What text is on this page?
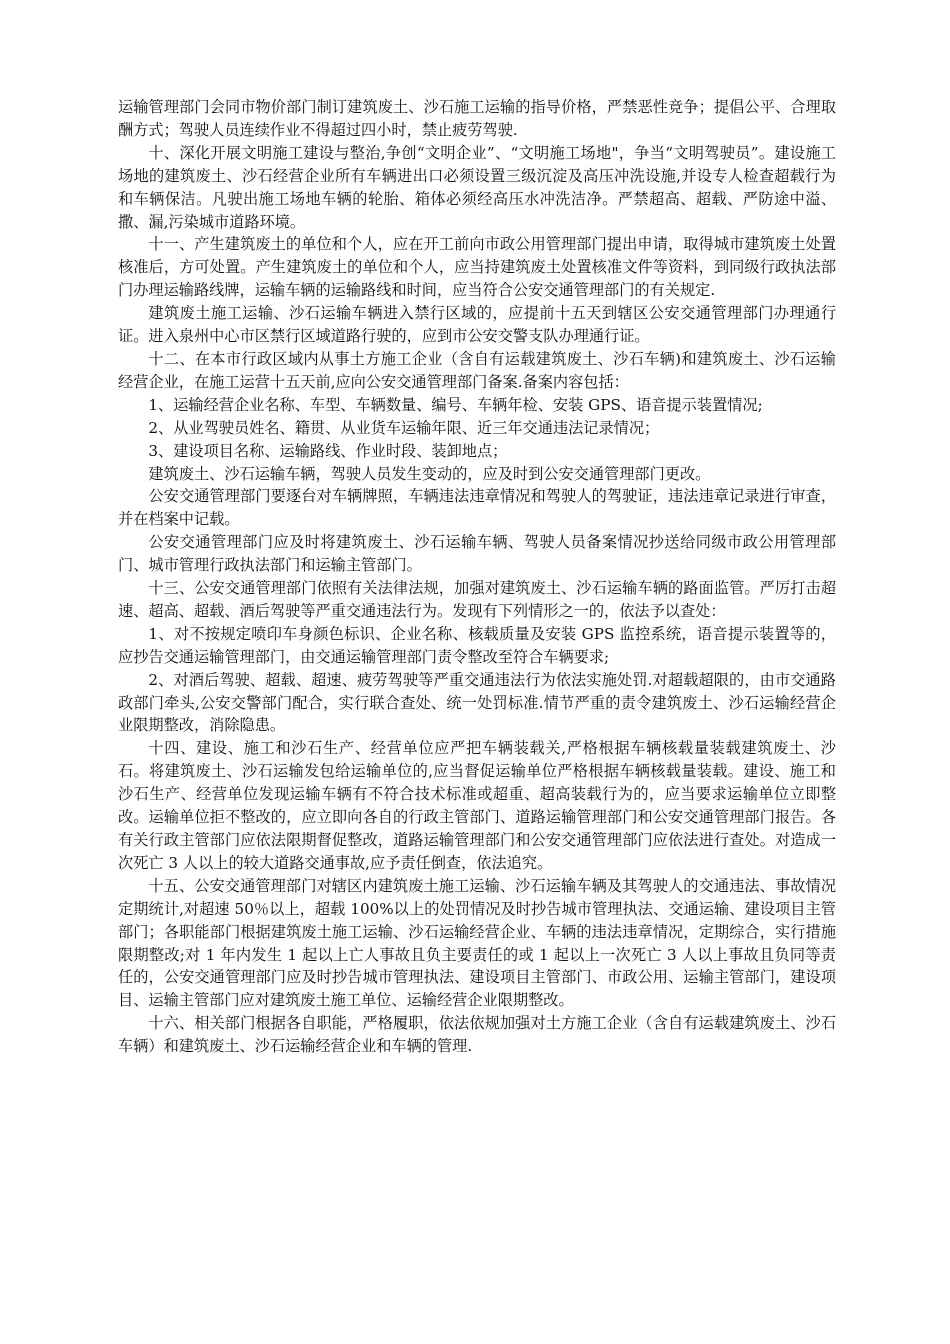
运输管理部门会同市物价部门制订建筑废土、沙石施工运输的指导价格，严禁恶性竞争；提倡公平、合理取酬方式；驾驶人员连续作业不得超过四小时，禁止疲劳驾驶.

十、深化开展文明施工建设与整治,争创“文明企业”、“文明施工场地"，争当“文明驾驶员”。建设施工场地的建筑废土、沙石经营企业所有车辆进出口必须设置三级沉淀及高压冲洗设施,并设专人检查超载行为和车辆保洁。凡驶出施工场地车辆的轮胎、箱体必须经高压水冲洗洁净。严禁超高、超载、严防途中溢、撒、漏,污染城市道路环境。

十一、产生建筑废土的单位和个人，应在开工前向市政公用管理部门提出申请，取得城市建筑废土处置核准后，方可处置。产生建筑废土的单位和个人，应当持建筑废土处置核准文件等资料，到同级行政执法部门办理运输路线牌，运输车辆的运输路线和时间，应当符合公安交通管理部门的有关规定.

建筑废土施工运输、沙石运输车辆进入禁行区域的，应提前十五天到辖区公安交通管理部门办理通行证。进入泉州中心市区禁行区域道路行驶的，应到市公安交警支队办理通行证。

十二、在本市行政区域内从事土方施工企业（含自有运载建筑废土、沙石车辆)和建筑废土、沙石运输经营企业，在施工运营十五天前,应向公安交通管理部门备案.备案内容包括：

1、运输经营企业名称、车型、车辆数量、编号、车辆年检、安装 GPS、语音提示装置情况;

2、从业驾驶员姓名、籍贯、从业货车运输年限、近三年交通违法记录情况；

3、建设项目名称、运输路线、作业时段、装卸地点；

建筑废土、沙石运输车辆，驾驶人员发生变动的，应及时到公安交通管理部门更改。

公安交通管理部门要逐台对车辆牌照，车辆违法违章情况和驾驶人的驾驶证，违法违章记录进行审查，并在档案中记载。

公安交通管理部门应及时将建筑废土、沙石运输车辆、驾驶人员备案情况抄送给同级市政公用管理部门、城市管理行政执法部门和运输主管部门。

十三、公安交通管理部门依照有关法律法规，加强对建筑废土、沙石运输车辆的路面监管。严厉打击超速、超高、超载、酒后驾驶等严重交通违法行为。发现有下列情形之一的，依法予以查处：

1、对不按规定喷印车身颜色标识、企业名称、核载质量及安装 GPS 监控系统，语音提示装置等的，应抄告交通运输管理部门，由交通运输管理部门责令整改至符合车辆要求;

2、对酒后驾驶、超载、超速、疲劳驾驶等严重交通违法行为依法实施处罚.对超载超限的，由市交通路政部门牵头,公安交警部门配合，实行联合查处、统一处罚标准.情节严重的责令建筑废土、沙石运输经营企业限期整改，消除隐患。

十四、建设、施工和沙石生产、经营单位应严把车辆装载关,严格根据车辆核载量装载建筑废土、沙石。将建筑废土、沙石运输发包给运输单位的,应当督促运输单位严格根据车辆核载量装载。建设、施工和沙石生产、经营单位发现运输车辆有不符合技术标准或超重、超高装载行为的，应当要求运输单位立即整改。运输单位拒不整改的，应立即向各自的行政主管部门、道路运输管理部门和公安交通管理部门报告。各有关行政主管部门应依法限期督促整改，道路运输管理部门和公安交通管理部门应依法进行查处。对造成一次死亡 3 人以上的较大道路交通事故,应予责任倒查，依法追究。

十五、公安交通管理部门对辖区内建筑废土施工运输、沙石运输车辆及其驾驶人的交通违法、事故情况定期统计,对超速 50％以上，超载 100%以上的处罚情况及时抄告城市管理执法、交通运输、建设项目主管部门；各职能部门根据建筑废土施工运输、沙石运输经营企业、车辆的违法违章情况，定期综合，实行措施限期整改;对 1 年内发生 1 起以上亡人事故且负主要责任的或 1 起以上一次死亡 3 人以上事故且负同等责任的，公安交通管理部门应及时抄告城市管理执法、建设项目主管部门、市政公用、运输主管部门，建设项目、运输主管部门应对建筑废土施工单位、运输经营企业限期整改。

十六、相关部门根据各自职能，严格履职，依法依规加强对土方施工企业（含自有运载建筑废土、沙石车辆）和建筑废土、沙石运输经营企业和车辆的管理.
